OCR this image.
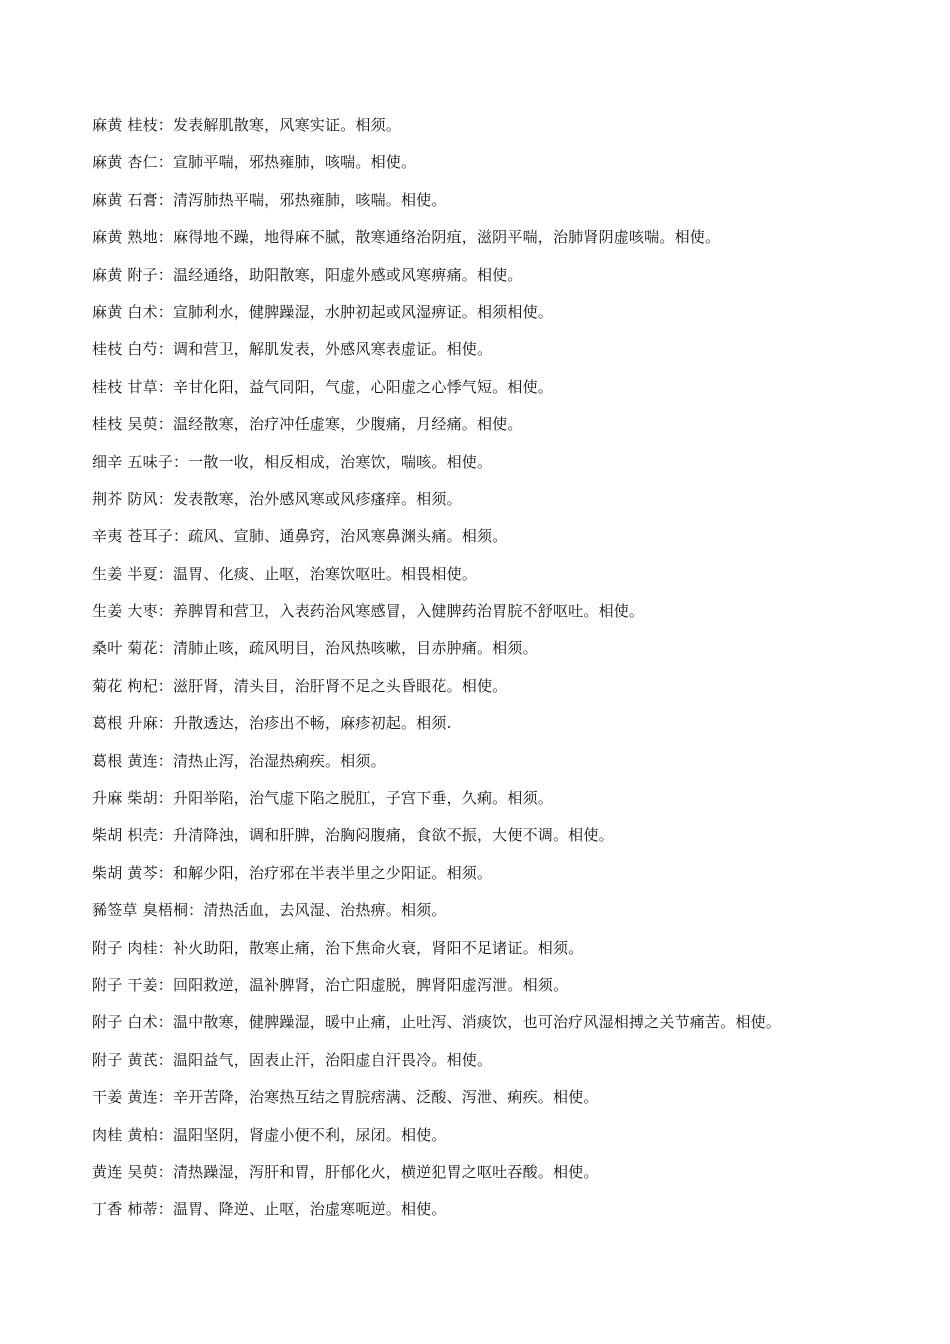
麻黄 桂枝：发表解肌散寒，风寒实证。相须。
麻黄 杏仁：宣肺平喘，邪热雍肺，咳喘。相使。
麻黄 石膏：清泻肺热平喘，邪热雍肺，咳喘。相使。
麻黄 熟地：麻得地不躁，地得麻不腻，散寒通络治阴疽，滋阴平喘，治肺肾阴虚咳喘。相使。
麻黄 附子：温经通络，助阳散寒，阳虚外感或风寒痹痛。相使。
麻黄 白术：宣肺利水，健脾躁湿，水肿初起或风湿痹证。相须相使。
桂枝 白芍：调和营卫，解肌发表，外感风寒表虚证。相使。
桂枝 甘草：辛甘化阳，益气同阳，气虚，心阳虚之心悸气短。相使。
桂枝 吴萸：温经散寒，治疗冲任虚寒，少腹痛，月经痛。相使。
细辛 五味子：一散一收，相反相成，治寒饮，喘咳。相使。
荆芥 防风：发表散寒，治外感风寒或风疹瘙痒。相须。
辛夷 苍耳子：疏风、宣肺、通鼻窍，治风寒鼻渊头痛。相须。
生姜 半夏：温胃、化痰、止呕，治寒饮呕吐。相畏相使。
生姜 大枣：养脾胃和营卫，入表药治风寒感冒，入健脾药治胃脘不舒呕吐。相使。
桑叶 菊花：清肺止咳，疏风明目，治风热咳嗽，目赤肿痛。相须。
菊花 枸杞：滋肝肾，清头目，治肝肾不足之头昏眼花。相使。
葛根 升麻：升散透达，治疹出不畅，麻疹初起。相须.
葛根 黄连：清热止泻，治湿热痢疾。相须。
升麻 柴胡：升阳举陷，治气虚下陷之脱肛，子宫下垂，久痢。相须。
柴胡 枳壳：升清降浊，调和肝脾，治胸闷腹痛，食欲不振，大便不调。相使。
柴胡 黄芩：和解少阳，治疗邪在半表半里之少阳证。相须。
豨签草 臭梧桐：清热活血，去风湿、治热痹。相须。
附子 肉桂：补火助阳，散寒止痛，治下焦命火衰，肾阳不足诸证。相须。
附子 干姜：回阳救逆，温补脾肾，治亡阳虚脱，脾肾阳虚泻泄。相须。
附子 白术：温中散寒，健脾躁湿，暖中止痛，止吐泻、消痰饮，也可治疗风湿相搏之关节痛苦。相使。
附子 黄芪：温阳益气，固表止汗，治阳虚自汗畏冷。相使。
干姜 黄连：辛开苦降，治寒热互结之胃脘痞满、泛酸、泻泄、痢疾。相使。
肉桂 黄柏：温阳坚阴，肾虚小便不利，尿闭。相使。
黄连 吴萸：清热躁湿，泻肝和胃，肝郁化火，横逆犯胃之呕吐吞酸。相使。
丁香 柿蒂：温胃、降逆、止呕，治虚寒呃逆。相使。
